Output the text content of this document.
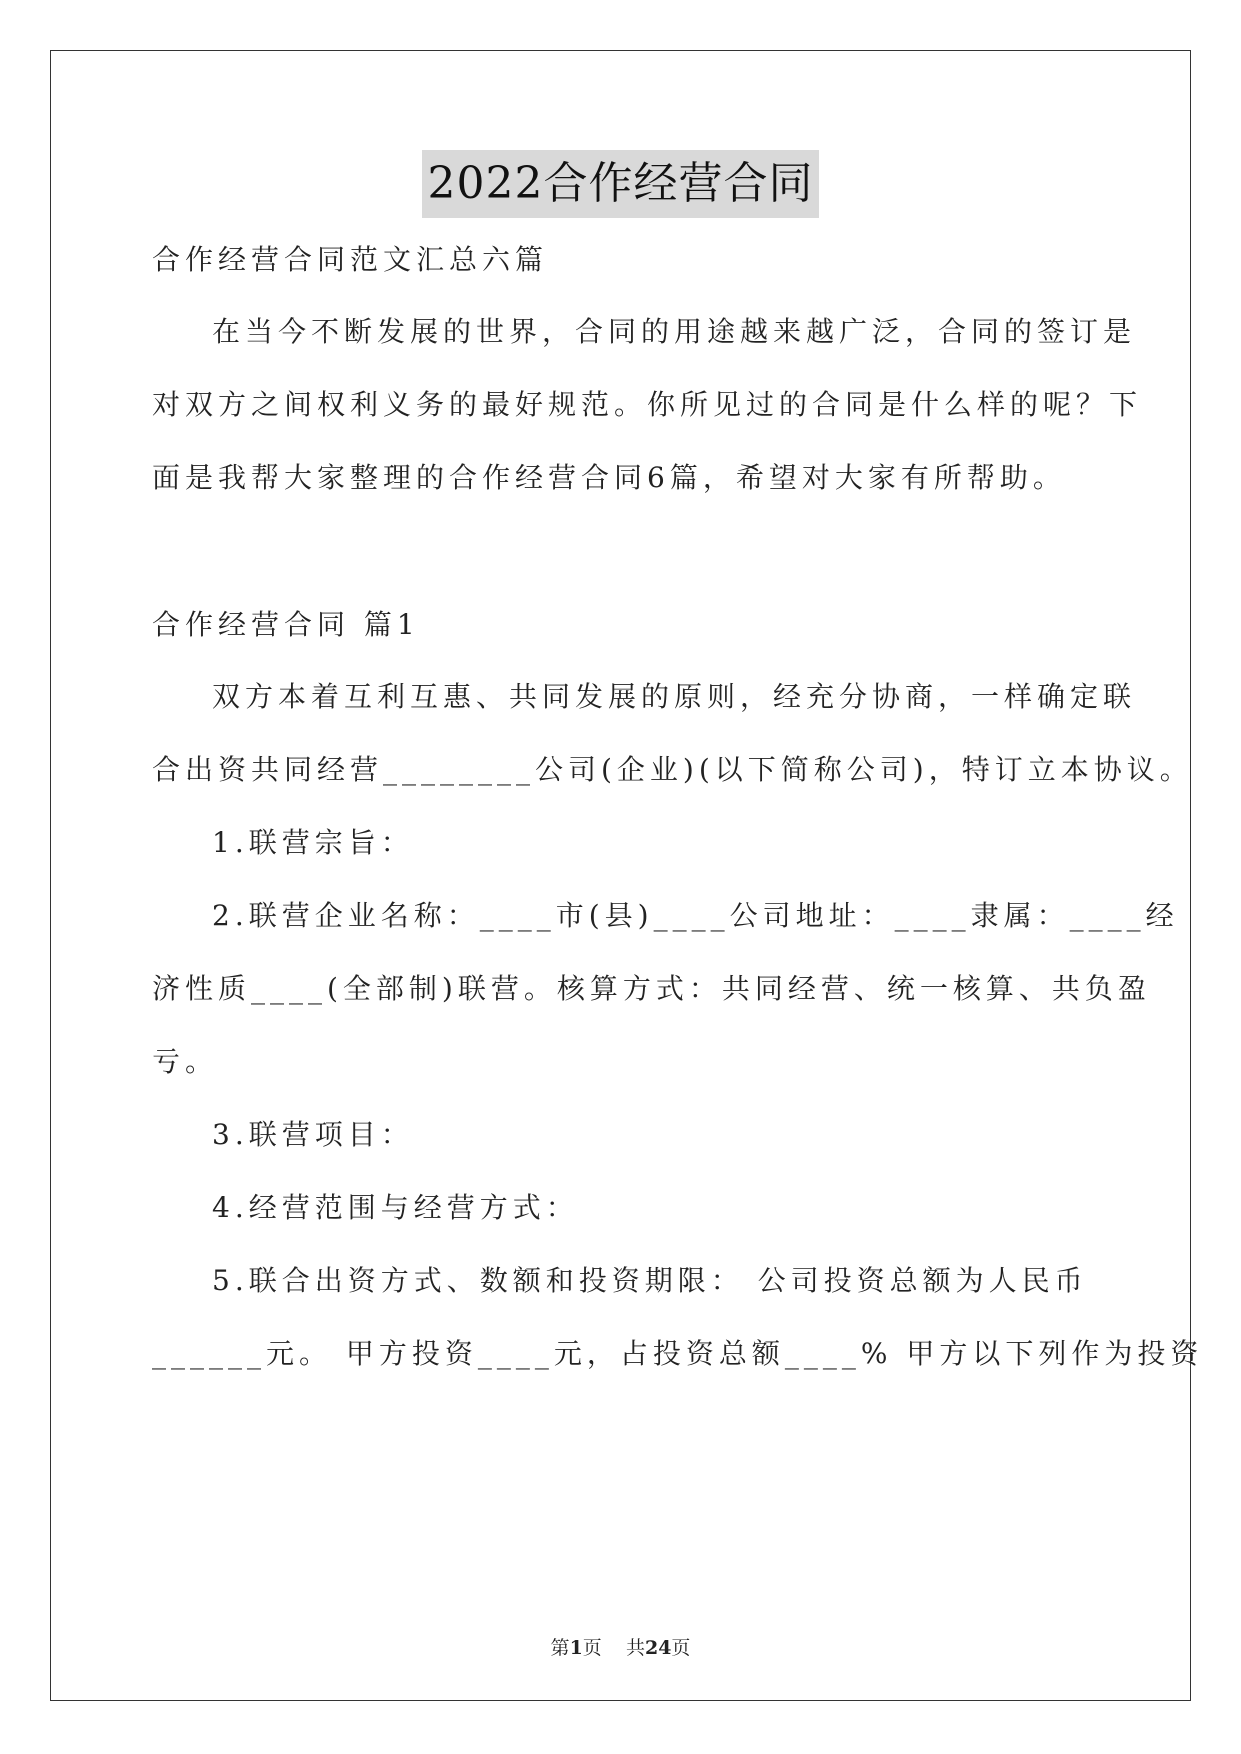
2022合作经营合同
合作经营合同范文汇总六篇
在当今不断发展的世界，合同的用途越来越广泛，合同的签订是
对双方之间权利义务的最好规范。你所见过的合同是什么样的呢？下
面是我帮大家整理的合作经营合同6篇，希望对大家有所帮助。
合作经营合同 篇1
双方本着互利互惠、共同发展的原则，经充分协商，一样确定联
合出资共同经营________公司(企业)(以下简称公司)，特订立本协议。
1.联营宗旨：
2.联营企业名称：____市(县)____公司地址：____隶属：____经
济性质____(全部制)联营。核算方式：共同经营、统一核算、共负盈
亏。
3.联营项目：
4.经营范围与经营方式：
5.联合出资方式、数额和投资期限： 公司投资总额为人民币
______元。 甲方投资____元，占投资总额____% 甲方以下列作为投资
第1页    共24页
